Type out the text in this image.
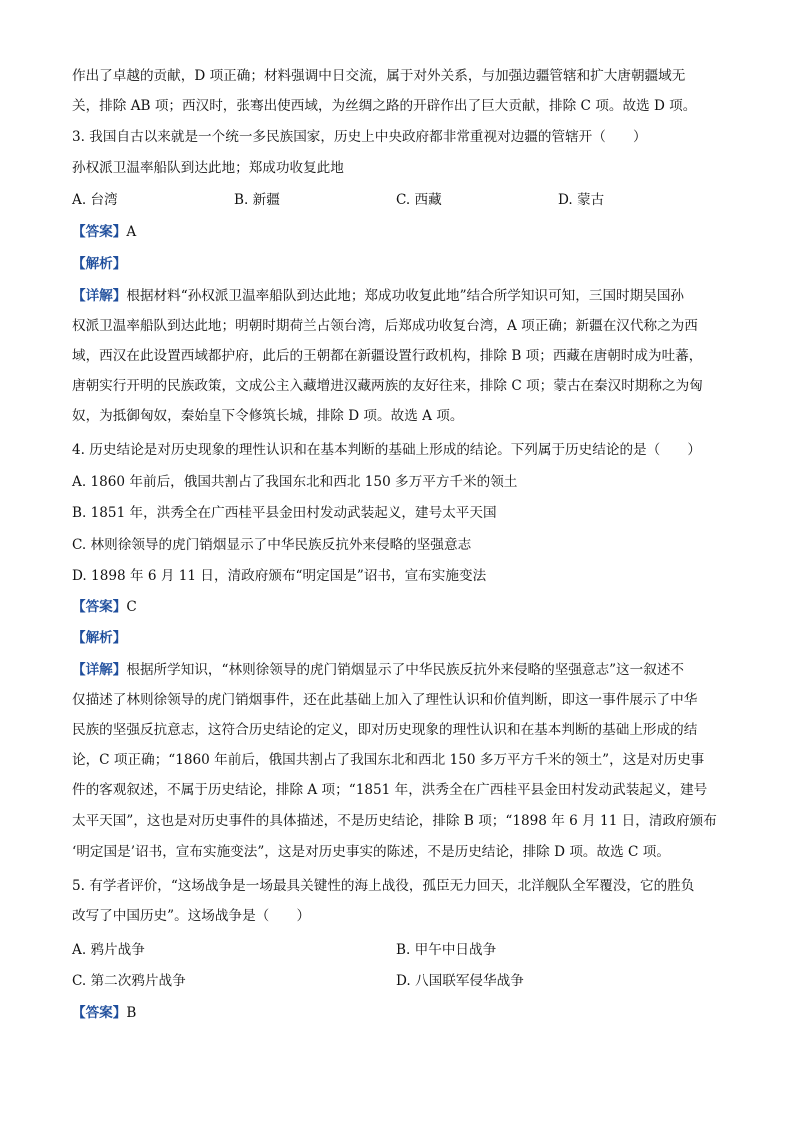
作出了卓越的贡献，D 项正确；材料强调中日交流，属于对外关系，与加强边疆管辖和扩大唐朝疆域无
关，排除 AB 项；西汉时，张骞出使西域，为丝绸之路的开辟作出了巨大贡献，排除 C 项。故选 D 项。
3. 我国自古以来就是一个统一多民族国家，历史上中央政府都非常重视对边疆的管辖开（　　）
孙权派卫温率船队到达此地；郑成功收复此地
A. 台湾	B. 新疆	C. 西藏	D. 蒙古
【答案】A
【解析】
【详解】根据材料“孙权派卫温率船队到达此地；郑成功收复此地”结合所学知识可知，三国时期吴国孙
权派卫温率船队到达此地；明朝时期荷兰占领台湾，后郑成功收复台湾，A 项正确；新疆在汉代称之为西
域，西汉在此设置西域都护府，此后的王朝都在新疆设置行政机构，排除 B 项；西藏在唐朝时成为吐蕃，
唐朝实行开明的民族政策，文成公主入藏增进汉藏两族的友好往来，排除 C 项；蒙古在秦汉时期称之为匈
奴，为抵御匈奴，秦始皇下令修筑长城，排除 D 项。故选 A 项。
4. 历史结论是对历史现象的理性认识和在基本判断的基础上形成的结论。下列属于历史结论的是（　　）
A. 1860 年前后，俄国共割占了我国东北和西北 150 多万平方千米的领土
B. 1851 年，洪秀全在广西桂平县金田村发动武装起义，建号太平天国
C. 林则徐领导的虎门销烟显示了中华民族反抗外来侵略的坚强意志
D. 1898 年 6 月 11 日，清政府颁布“明定国是”诏书，宣布实施变法
【答案】C
【解析】
【详解】根据所学知识，“林则徐领导的虎门销烟显示了中华民族反抗外来侵略的坚强意志”这一叙述不
仅描述了林则徐领导的虎门销烟事件，还在此基础上加入了理性认识和价值判断，即这一事件展示了中华
民族的坚强反抗意志，这符合历史结论的定义，即对历史现象的理性认识和在基本判断的基础上形成的结
论，C 项正确；“1860 年前后，俄国共割占了我国东北和西北 150 多万平方千米的领土”，这是对历史事
件的客观叙述，不属于历史结论，排除 A 项；“1851 年，洪秀全在广西桂平县金田村发动武装起义，建号
太平天国”，这也是对历史事件的具体描述，不是历史结论，排除 B 项；“1898 年 6 月 11 日，清政府颁布
‘明定国是’诏书，宣布实施变法”，这是对历史事实的陈述，不是历史结论，排除 D 项。故选 C 项。
5. 有学者评价，“这场战争是一场最具关键性的海上战役，孤臣无力回天，北洋舰队全军覆没，它的胜负
改写了中国历史”。这场战争是（　　）
A. 鸦片战争	B. 甲午中日战争
C. 第二次鸦片战争	D. 八国联军侵华战争
【答案】B
